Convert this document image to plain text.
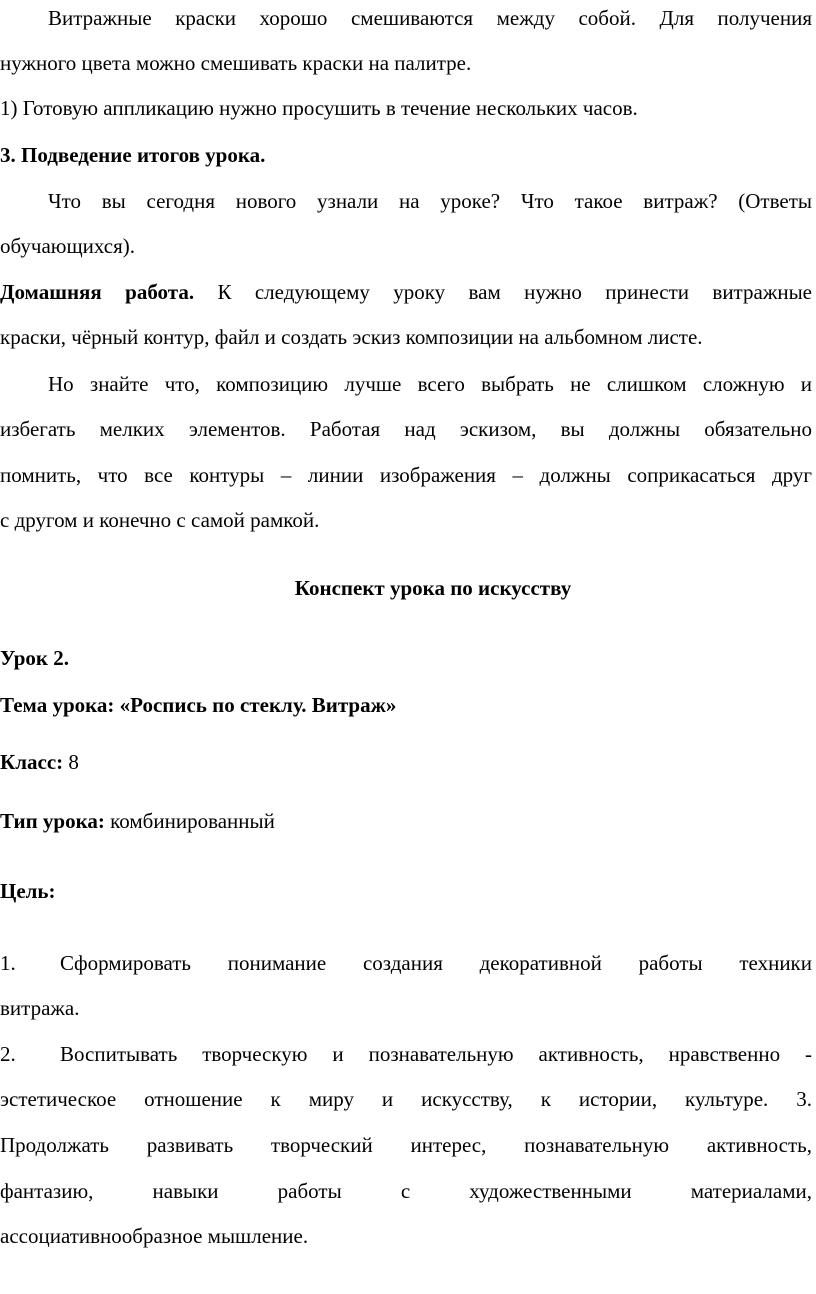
Витражные краски хорошо смешиваются между собой. Для получения
нужного цвета можно смешивать краски на палитре.
1) Готовую аппликацию нужно просушить в течение нескольких часов.
3. Подведение итогов урока.
Что вы сегодня нового узнали на уроке? Что такое витраж? (Ответы
обучающихся).
Домашняя работа. К следующему уроку вам нужно принести витражные
краски, чёрный контур, файл и создать эскиз композиции на альбомном листе.
Но знайте что, композицию лучше всего выбрать не слишком сложную и
избегать мелких элементов. Работая над эскизом, вы должны обязательно
помнить, что все контуры – линии изображения – должны соприкасаться друг
с другом и конечно с самой рамкой.
Конспект урока по искусству
Урок 2.
Тема урока: «Роспись по стеклу. Витраж»
Класс: 8
Тип урока: комбинированный
Цель:
1. Сформировать понимание создания декоративной работы техники
витража.
2. Воспитывать творческую и познавательную активность, нравственно -
эстетическое отношение к миру и искусству, к истории, культуре. 3.
Продолжать развивать творческий интерес, познавательную активность,
фантазию, навыки работы с художественными материалами,
ассоциативнообразное мышление.
